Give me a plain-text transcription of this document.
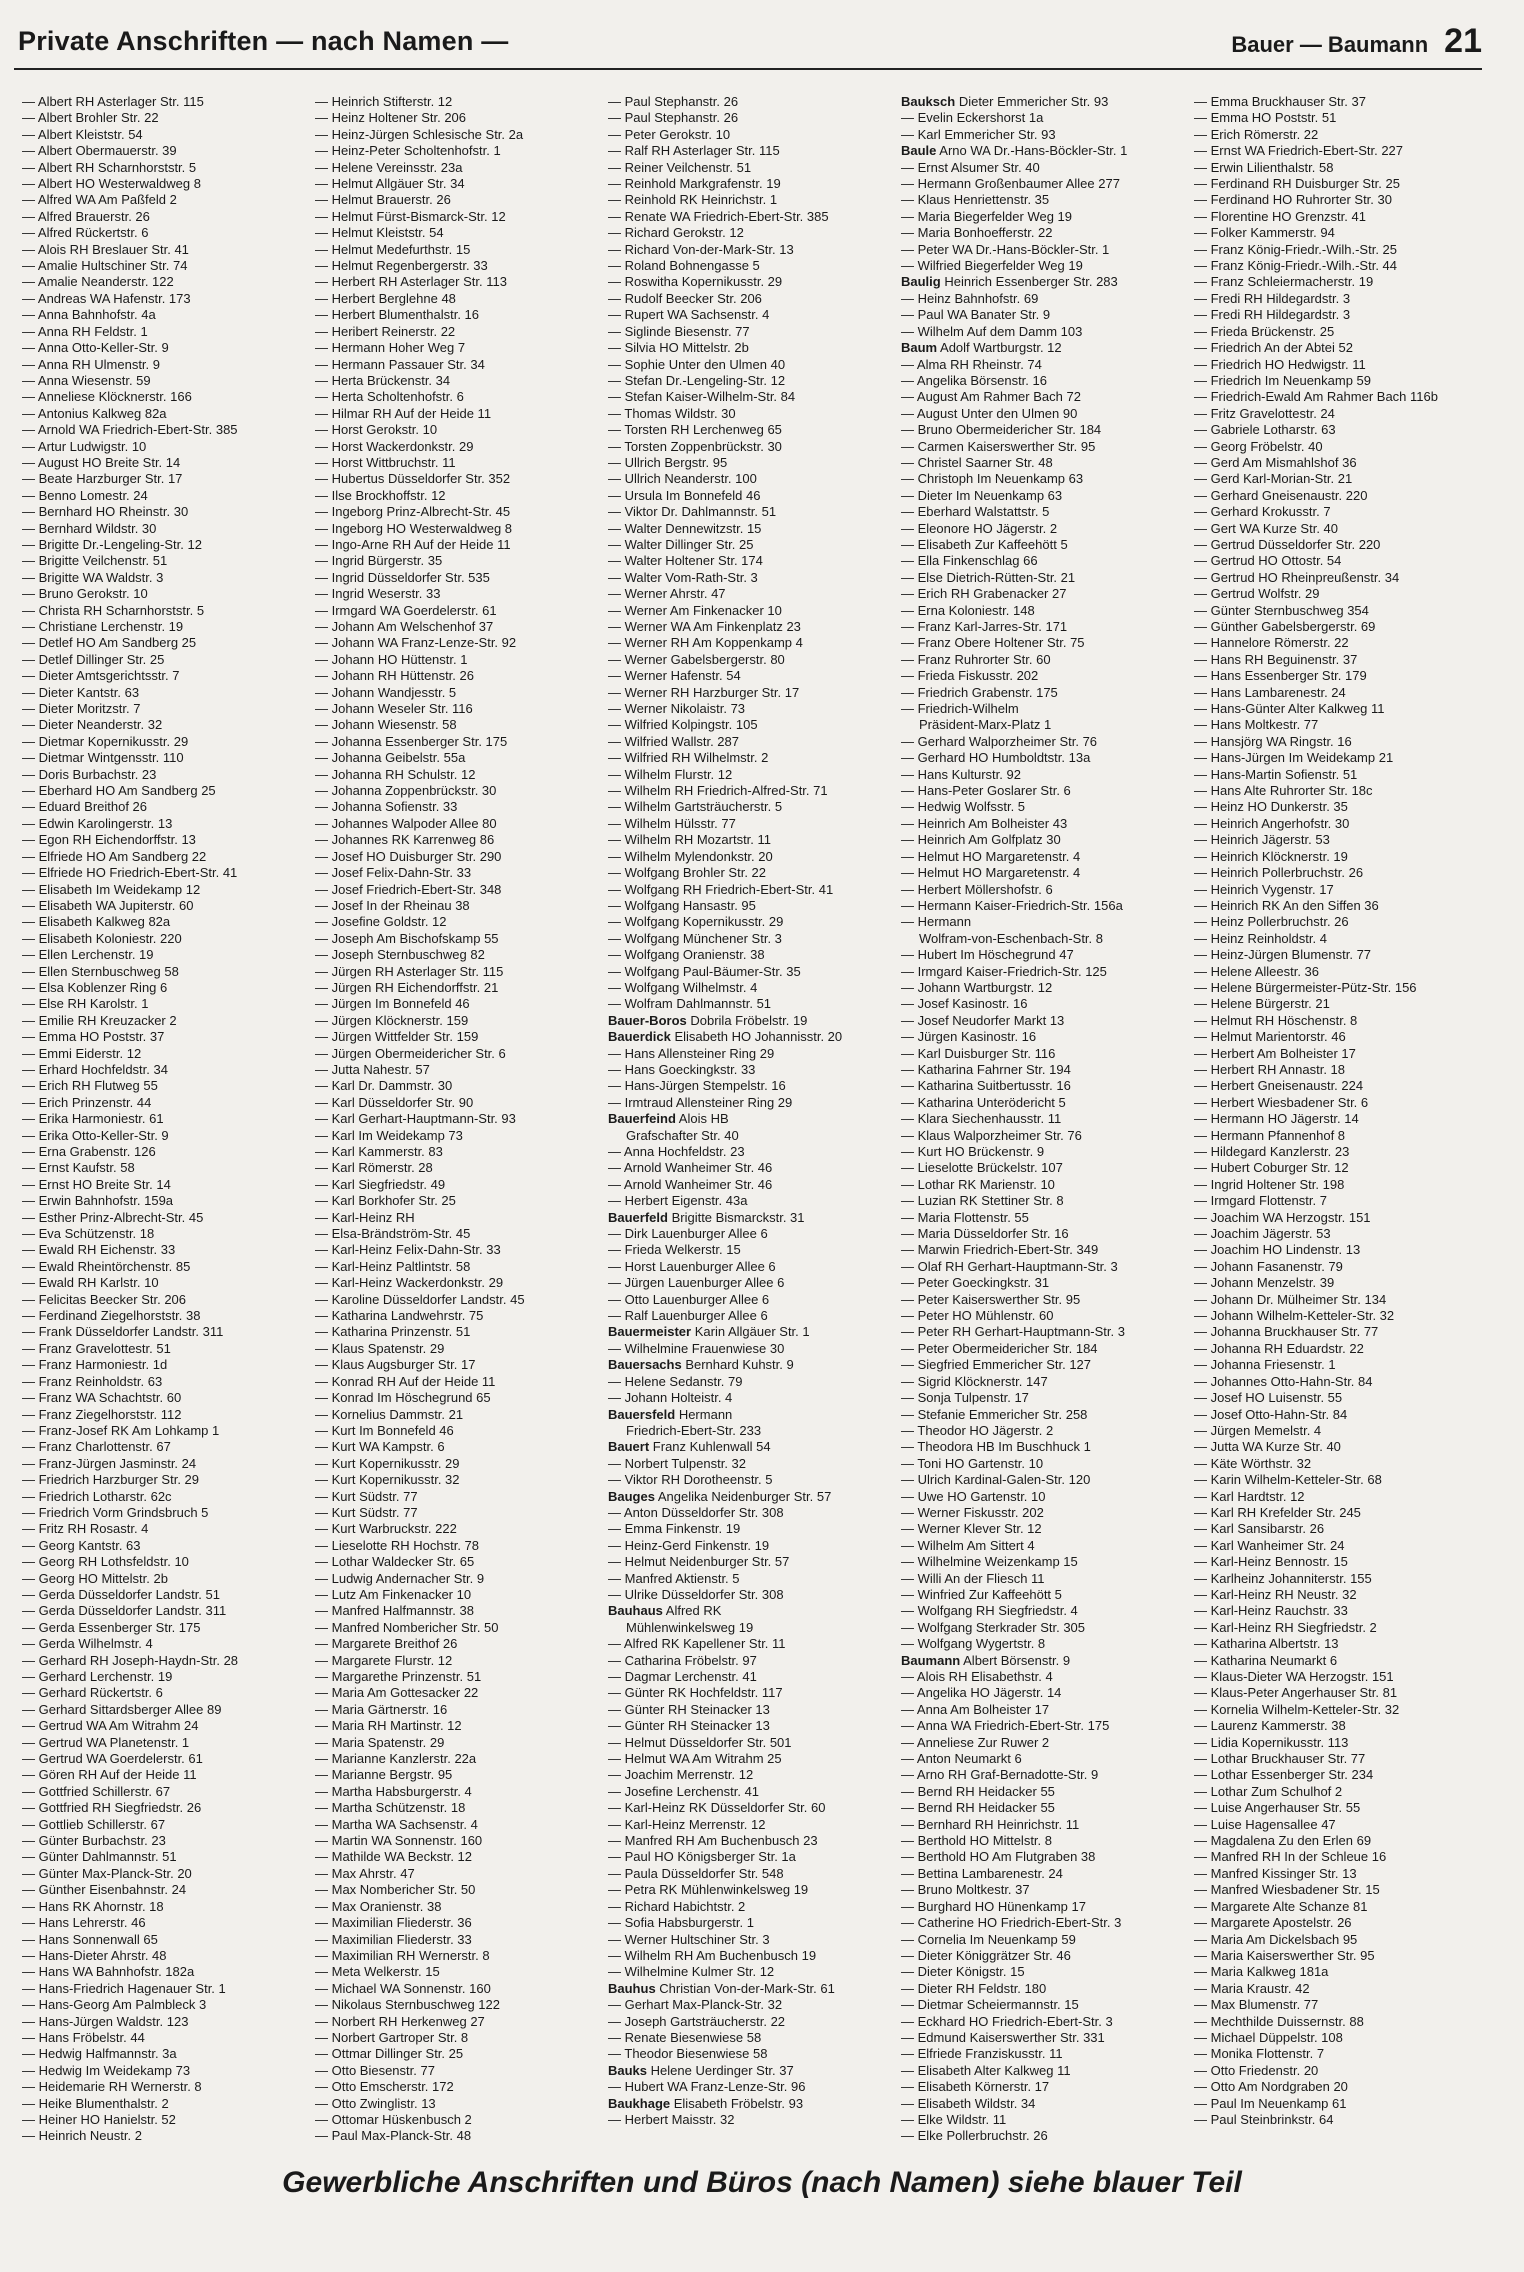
Private Anschriften — nach Namen —	Bauer — Baumann 21
— Albert RH Asterlager Str. 115
— Albert Brohler Str. 22
— Albert Kleiststr. 54
— Albert Obermauerstr. 39
— Albert RH Scharnhorststr. 5
— Albert HO Westerwaldweg 8
— Alfred WA Am Paßfeld 2
— Alfred Brauerstr. 26
— Alfred Rückertstr. 6
— Alois RH Breslauer Str. 41
— Amalie Hultschiner Str. 74
— Amalie Neanderstr. 122
— Andreas WA Hafenstr. 173
— Anna Bahnhofstr. 4a
— Anna RH Feldstr. 1
— Anna Otto-Keller-Str. 9
— Anna RH Ulmenstr. 9
— Anna Wiesenstr. 59
— Anneliese Klöcknerstr. 166
— Antonius Kalkweg 82a
— Arnold WA Friedrich-Ebert-Str. 385
— Artur Ludwigstr. 10
— August HO Breite Str. 14
— Beate Harzburger Str. 17
— Benno Lomestr. 24
— Bernhard HO Rheinstr. 30
— Bernhard Wildstr. 30
— Brigitte Dr.-Lengeling-Str. 12
— Brigitte Veilchenstr. 51
— Brigitte WA Waldstr. 3
— Bruno Gerokstr. 10
— Christa RH Scharnhorststr. 5
— Christiane Lerchenstr. 19
— Detlef HO Am Sandberg 25
— Detlef Dillinger Str. 25
— Dieter Amtsgerichtsstr. 7
— Dieter Kantstr. 63
— Dieter Moritzstr. 7
— Dieter Neanderstr. 32
— Dietmar Kopernikusstr. 29
— Dietmar Wintgensstr. 110
— Doris Burbachstr. 23
— Eberhard HO Am Sandberg 25
— Eduard Breithof 26
— Edwin Karolingerstr. 13
— Egon RH Eichendorffstr. 13
— Elfriede HO Am Sandberg 22
— Elfriede HO Friedrich-Ebert-Str. 41
— Elisabeth Im Weidekamp 12
— Elisabeth WA Jupiterstr. 60
— Elisabeth Kalkweg 82a
— Elisabeth Koloniestr. 220
— Ellen Lerchenstr. 19
— Ellen Sternbuschweg 58
— Elsa Koblenzer Ring 6
— Else RH Karolstr. 1
— Emilie RH Kreuzacker 2
— Emma HO Poststr. 37
— Emmi Eiderstr. 12
— Erhard Hochfeldstr. 34
— Erich RH Flutweg 55
— Erich Prinzenstr. 44
— Erika Harmoniestr. 61
— Erika Otto-Keller-Str. 9
— Erna Grabenstr. 126
— Ernst Kaufstr. 58
— Ernst HO Breite Str. 14
— Erwin Bahnhofstr. 159a
— Esther Prinz-Albrecht-Str. 45
— Eva Schützenstr. 18
— Ewald RH Eichenstr. 33
— Ewald Rheintörchenstr. 85
— Ewald RH Karlstr. 10
— Felicitas Beecker Str. 206
— Ferdinand Ziegelhorststr. 38
— Frank Düsseldorfer Landstr. 311
— Franz Gravelottestr. 51
— Franz Harmoniestr. 1d
— Franz Reinholdstr. 63
— Franz WA Schachtstr. 60
— Franz Ziegelhorststr. 112
— Franz-Josef RK Am Lohkamp 1
— Franz Charlottenstr. 67
— Franz-Jürgen Jasminstr. 24
— Friedrich Harzburger Str. 29
— Friedrich Lotharstr. 62c
— Friedrich Vorm Grindsbruch 5
— Fritz RH Rosastr. 4
— Georg Kantstr. 63
— Georg RH Lothsfeldstr. 10
— Georg HO Mittelstr. 2b
— Gerda Düsseldorfer Landstr. 51
— Gerda Düsseldorfer Landstr. 311
— Gerda Essenberger Str. 175
— Gerda Wilhelmstr. 4
— Gerhard RH Joseph-Haydn-Str. 28
— Gerhard Lerchenstr. 19
— Gerhard Rückertstr. 6
— Gerhard Sittardsberger Allee 89
— Gertrud WA Am Witrahm 24
— Gertrud WA Planetenstr. 1
— Gertrud WA Goerdelerstr. 61
— Gören RH Auf der Heide 11
— Gottfried Schillerstr. 67
— Gottfried RH Siegfriedstr. 26
— Gottlieb Schillerstr. 67
— Günter Burbachstr. 23
— Günter Dahlmannstr. 51
— Günter Max-Planck-Str. 20
— Günther Eisenbahnstr. 24
— Hans RK Ahornstr. 18
— Hans Lehrerstr. 46
— Hans Sonnenwall 65
— Hans-Dieter Ahrstr. 48
— Hans WA Bahnhofstr. 182a
— Hans-Friedrich Hagenauer Str. 1
— Hans-Georg Am Palmbleck 3
— Hans-Jürgen Waldstr. 123
— Hans Fröbelstr. 44
— Hedwig Halfmannstr. 3a
— Hedwig Im Weidekamp 73
— Heidemarie RH Wernerstr. 8
— Heike Blumenthalstr. 2
— Heiner HO Hanielstr. 52
— Heinrich Neustr. 2
— Heinrich Stifterstr. 12
— Heinz Holtener Str. 206
— Heinz-Jürgen Schlesische Str. 2a
— Heinz-Peter Scholtenhofstr. 1
— Helene Vereinsstr. 23a
— Helmut Allgäuer Str. 34
— Helmut Brauerstr. 26
— Helmut Fürst-Bismarck-Str. 12
— Helmut Kleiststr. 54
— Helmut Medefurthstr. 15
— Helmut Regenbergerstr. 33
— Herbert RH Asterlager Str. 113
— Herbert Berglehne 48
— Herbert Blumenthalstr. 16
— Heribert Reinerstr. 22
— Hermann Hoher Weg 7
— Hermann Passauer Str. 34
— Herta Brückenstr. 34
— Herta Scholtenhofstr. 6
— Hilmar RH Auf der Heide 11
— Horst Gerokstr. 10
— Horst Wackerdonkstr. 29
— Horst Wittbruchstr. 11
— Hubertus Düsseldorfer Str. 352
— Ilse Brockhoffstr. 12
— Ingeborg Prinz-Albrecht-Str. 45
— Ingeborg HO Westerwaldweg 8
— Ingo-Arne RH Auf der Heide 11
— Ingrid Bürgerstr. 35
— Ingrid Düsseldorfer Str. 535
— Ingrid Weserstr. 33
— Irmgard WA Goerdelerstr. 61
— Johann Am Welschenhof 37
— Johann WA Franz-Lenze-Str. 92
— Johann HO Hüttenstr. 1
— Johann RH Hüttenstr. 26
— Johann Wandjesstr. 5
— Johann Weseler Str. 116
— Johann Wiesenstr. 58
— Johanna Essenberger Str. 175
— Johanna Geibelstr. 55a
— Johanna RH Schulstr. 12
— Johanna Zoppenbrückstr. 30
— Johanna Sofienstr. 33
— Johannes Walpoder Allee 80
— Johannes RK Karrenweg 86
— Josef HO Duisburger Str. 290
— Josef Felix-Dahn-Str. 33
— Josef Friedrich-Ebert-Str. 348
— Josef In der Rheinau 38
— Josefine Goldstr. 12
— Joseph Am Bischofskamp 55
— Joseph Sternbuschweg 82
— Jürgen RH Asterlager Str. 115
— Jürgen RH Eichendorffstr. 21
— Jürgen Im Bonnefeld 46
— Jürgen Klöcknerstr. 159
— Jürgen Wittfelder Str. 159
— Jürgen Obermeidericher Str. 6
— Jutta Nahestr. 57
— Karl Dr. Dammstr. 30
— Karl Düsseldorfer Str. 90
— Karl Gerhart-Hauptmann-Str. 93
— Karl Im Weidekamp 73
— Karl Kammerstr. 83
— Karl Römerstr. 28
— Karl Siegfriedstr. 49
— Karl Borkhofer Str. 25
— Karl-Heinz RH
— Elsa-Brändström-Str. 45
— Karl-Heinz Felix-Dahn-Str. 33
— Karl-Heinz Paltlintstr. 58
— Karl-Heinz Wackerdonkstr. 29
— Karoline Düsseldorfer Landstr. 45
— Katharina Landwehrstr. 75
— Katharina Prinzenstr. 51
— Klaus Spatenstr. 29
— Klaus Augsburger Str. 17
— Konrad RH Auf der Heide 11
— Konrad Im Höschegrund 65
— Kornelius Dammstr. 21
— Kurt Im Bonnefeld 46
— Kurt WA Kampstr. 6
— Kurt Kopernikusstr. 29
— Kurt Kopernikusstr. 32
— Kurt Südstr. 77
— Kurt Südstr. 77
— Kurt Warbruckstr. 222
— Lieselotte RH Hochstr. 78
— Lothar Waldecker Str. 65
— Ludwig Andernacher Str. 9
— Lutz Am Finkenacker 10
— Manfred Halfmannstr. 38
— Manfred Nombericher Str. 50
— Margarete Breithof 26
— Margarete Flurstr. 12
— Margarethe Prinzenstr. 51
— Maria Am Gottesacker 22
— Maria Gärtnerstr. 16
— Maria RH Martinstr. 12
— Maria Spatenstr. 29
— Marianne Kanzlerstr. 22a
— Marianne Bergstr. 95
— Martha Habsburgerstr. 4
— Martha Schützenstr. 18
— Martha WA Sachsenstr. 4
— Martin WA Sonnenstr. 160
— Mathilde WA Beckstr. 12
— Max Ahrstr. 47
— Max Nombericher Str. 50
— Max Oranienstr. 38
— Maximilian Fliederstr. 36
— Maximilian Fliederstr. 33
— Maximilian RH Wernerstr. 8
— Meta Welkerstr. 15
— Michael WA Sonnenstr. 160
— Nikolaus Sternbuschweg 122
— Norbert RH Herkenweg 27
— Norbert Gartroper Str. 8
— Ottmar Dillinger Str. 25
— Otto Biesenstr. 77
— Otto Emscherstr. 172
— Otto Zwinglistr. 13
— Ottomar Hüskenbusch 2
— Paul Max-Planck-Str. 48
— Paul Stephanstr. 26
— Paul Stephanstr. 26
— Peter Gerokstr. 10
— Ralf RH Asterlager Str. 115
— Reiner Veilchenstr. 51
— Reinhold Markgrafenstr. 19
— Reinhold RK Heinrichstr. 1
— Renate WA Friedrich-Ebert-Str. 385
— Richard Gerokstr. 12
— Richard Von-der-Mark-Str. 13
— Roland Bohnengasse 5
— Roswitha Kopernikusstr. 29
— Rudolf Beecker Str. 206
— Rupert WA Sachsenstr. 4
— Siglinde Biesenstr. 77
— Silvia HO Mittelstr. 2b
— Sophie Unter den Ulmen 40
— Stefan Dr.-Lengeling-Str. 12
— Stefan Kaiser-Wilhelm-Str. 84
— Thomas Wildstr. 30
— Torsten RH Lerchenweg 65
— Torsten Zoppenbrückstr. 30
— Ullrich Bergstr. 95
— Ullrich Neanderstr. 100
— Ursula Im Bonnefeld 46
— Viktor Dr. Dahlmannstr. 51
— Walter Dennewitzstr. 15
— Walter Dillinger Str. 25
— Walter Holtener Str. 174
— Walter Vom-Rath-Str. 3
— Werner Ahrstr. 47
— Werner Am Finkenacker 10
— Werner WA Am Finkenplatz 23
— Werner RH Am Koppenkamp 4
— Werner Gabelsbergerstr. 80
— Werner Hafenstr. 54
— Werner RH Harzburger Str. 17
— Werner Nikolaistr. 73
— Wilfried Kolpingstr. 105
— Wilfried Wallstr. 287
— Wilfried RH Wilhelmstr. 2
— Wilhelm Flurstr. 12
— Wilhelm RH Friedrich-Alfred-Str. 71
— Wilhelm Gartsträucherstr. 5
— Wilhelm Hülsstr. 77
— Wilhelm RH Mozartstr. 11
— Wilhelm Mylendonkstr. 20
— Wolfgang Brohler Str. 22
— Wolfgang RH Friedrich-Ebert-Str. 41
— Wolfgang Hansastr. 95
— Wolfgang Kopernikusstr. 29
— Wolfgang Münchener Str. 3
— Wolfgang Oranienstr. 38
— Wolfgang Paul-Bäumer-Str. 35
— Wolfgang Wilhelmstr. 4
— Wolfram Dahlmannstr. 51
Bauer-Boros Dobrila Fröbelstr. 19
Bauerdick Elisabeth HO Johannisstr. 20
— Hans Allensteiner Ring 29
— Hans Goeckingkstr. 33
— Hans-Jürgen Stempelstr. 16
— Irmtraud Allensteiner Ring 29
Bauerfeind Alois HB
Grafschafter Str. 40
— Anna Hochfeldstr. 23
— Arnold Wanheimer Str. 46
— Arnold Wanheimer Str. 46
— Herbert Eigenstr. 43a
Bauerfeld Brigitte Bismarckstr. 31
— Dirk Lauenburger Allee 6
— Frieda Welkerstr. 15
— Horst Lauenburger Allee 6
— Jürgen Lauenburger Allee 6
— Otto Lauenburger Allee 6
— Ralf Lauenburger Allee 6
Bauermeister Karin Allgäuer Str. 1
— Wilhelmine Frauenwiese 30
Bauersachs Bernhard Kuhstr. 9
— Helene Sedanstr. 79
— Johann Holteistr. 4
Bauersfeld Hermann
Friedrich-Ebert-Str. 233
Bauert Franz Kuhlenwall 54
— Norbert Tulpenstr. 32
— Viktor RH Dorotheenstr. 5
Bauges Angelika Neidenburger Str. 57
— Anton Düsseldorfer Str. 308
— Emma Finkenstr. 19
— Heinz-Gerd Finkenstr. 19
— Helmut Neidenburger Str. 57
— Manfred Aktienstr. 5
— Ulrike Düsseldorfer Str. 308
Bauhaus Alfred RK
Mühlenwinkelsweg 19
— Alfred RK Kapellener Str. 11
— Catharina Fröbelstr. 97
— Dagmar Lerchenstr. 41
— Günter RK Hochfeldstr. 117
— Günter RH Steinacker 13
— Günter RH Steinacker 13
— Helmut Düsseldorfer Str. 501
— Helmut WA Am Witrahm 25
— Joachim Merrenstr. 12
— Josefine Lerchenstr. 41
— Karl-Heinz RK Düsseldorfer Str. 60
— Karl-Heinz Merrenstr. 12
— Manfred RH Am Buchenbusch 23
— Paul HO Königsberger Str. 1a
— Paula Düsseldorfer Str. 548
— Petra RK Mühlenwinkelsweg 19
— Richard Habichtstr. 2
— Sofia Habsburgerstr. 1
— Werner Hultschiner Str. 3
— Wilhelm RH Am Buchenbusch 19
— Wilhelmine Kulmer Str. 12
Bauhus Christian Von-der-Mark-Str. 61
— Gerhart Max-Planck-Str. 32
— Joseph Gartsträucherstr. 22
— Renate Biesenwiese 58
— Theodor Biesenwiese 58
Bauks Helene Uerdinger Str. 37
— Hubert WA Franz-Lenze-Str. 96
Baukhage Elisabeth Fröbelstr. 93
— Herbert Maisstr. 32
Bauksch Dieter Emmericher Str. 93
— Evelin Eckershorst 1a
— Karl Emmericher Str. 93
Baule Arno WA Dr.-Hans-Böckler-Str. 1
— Ernst Alsumer Str. 40
— Hermann Großenbaumer Allee 277
— Klaus Henriettenstr. 35
— Maria Biegerfelder Weg 19
— Maria Bonhoefferstr. 22
— Peter WA Dr.-Hans-Böckler-Str. 1
— Wilfried Biegerfelder Weg 19
Baulig Heinrich Essenberger Str. 283
— Heinz Bahnhofstr. 69
— Paul WA Banater Str. 9
— Wilhelm Auf dem Damm 103
Baum Adolf Wartburgstr. 12
— Alma RH Rheinstr. 74
— Angelika Börsenstr. 16
— August Am Rahmer Bach 72
— August Unter den Ulmen 90
— Bruno Obermeidericher Str. 184
— Carmen Kaiserswerther Str. 95
— Christel Saarner Str. 48
— Christoph Im Neuenkamp 63
— Dieter Im Neuenkamp 63
— Eberhard Walstattstr. 5
— Eleonore HO Jägerstr. 2
— Elisabeth Zur Kaffeehött 5
— Ella Finkenschlag 66
— Else Dietrich-Rütten-Str. 21
— Erich RH Grabenacker 27
— Erna Koloniestr. 148
— Franz Karl-Jarres-Str. 171
— Franz Obere Holtener Str. 75
— Franz Ruhrorter Str. 60
— Frieda Fiskusstr. 202
— Friedrich Grabenstr. 175
— Friedrich-Wilhelm
Präsident-Marx-Platz 1
— Gerhard Walporzheimer Str. 76
— Gerhard HO Humboldtstr. 13a
— Hans Kulturstr. 92
— Hans-Peter Goslarer Str. 6
— Hedwig Wolfsstr. 5
— Heinrich Am Bolheister 43
— Heinrich Am Golfplatz 30
— Helmut HO Margaretenstr. 4
— Helmut HO Margaretenstr. 4
— Herbert Möllershofstr. 6
— Hermann Kaiser-Friedrich-Str. 156a
— Hermann
Wolfram-von-Eschenbach-Str. 8
— Hubert Im Höschegrund 47
— Irmgard Kaiser-Friedrich-Str. 125
— Johann Wartburgstr. 12
— Josef Kasinostr. 16
— Josef Neudorfer Markt 13
— Jürgen Kasinostr. 16
— Karl Duisburger Str. 116
— Katharina Fahrner Str. 194
— Katharina Suitbertusstr. 16
— Katharina Unterödericht 5
— Klara Siechenhausstr. 11
— Klaus Walporzheimer Str. 76
— Kurt HO Brückenstr. 9
— Lieselotte Brückelstr. 107
— Lothar RK Marienstr. 10
— Luzian RK Stettiner Str. 8
— Maria Flottenstr. 55
— Maria Düsseldorfer Str. 16
— Marwin Friedrich-Ebert-Str. 349
— Olaf RH Gerhart-Hauptmann-Str. 3
— Peter Goeckingkstr. 31
— Peter Kaiserswerther Str. 95
— Peter HO Mühlenstr. 60
— Peter RH Gerhart-Hauptmann-Str. 3
— Peter Obermeidericher Str. 184
— Siegfried Emmericher Str. 127
— Sigrid Klöcknerstr. 147
— Sonja Tulpenstr. 17
— Stefanie Emmericher Str. 258
— Theodor HO Jägerstr. 2
— Theodora HB Im Buschhuck 1
— Toni HO Gartenstr. 10
— Ulrich Kardinal-Galen-Str. 120
— Uwe HO Gartenstr. 10
— Werner Fiskusstr. 202
— Werner Klever Str. 12
— Wilhelm Am Sittert 4
— Wilhelmine Weizenkamp 15
— Willi An der Fliesch 11
— Winfried Zur Kaffeehött 5
— Wolfgang RH Siegfriedstr. 4
— Wolfgang Sterkrader Str. 305
— Wolfgang Wygertstr. 8
Baumann Albert Börsenstr. 9
— Alois RH Elisabethstr. 4
— Angelika HO Jägerstr. 14
— Anna Am Bolheister 17
— Anna WA Friedrich-Ebert-Str. 175
— Anneliese Zur Ruwer 2
— Anton Neumarkt 6
— Arno RH Graf-Bernadotte-Str. 9
— Bernd RH Heidacker 55
— Bernd RH Heidacker 55
— Bernhard RH Heinrichstr. 11
— Berthold HO Mittelstr. 8
— Berthold HO Am Flutgraben 38
— Bettina Lambarenestr. 24
— Bruno Moltkestr. 37
— Burghard HO Hünenkamp 17
— Catherine HO Friedrich-Ebert-Str. 3
— Cornelia Im Neuenkamp 59
— Dieter Königgrätzer Str. 46
— Dieter Königstr. 15
— Dieter RH Feldstr. 180
— Dietmar Scheiermannstr. 15
— Eckhard HO Friedrich-Ebert-Str. 3
— Edmund Kaiserswerther Str. 331
— Elfriede Franziskusstr. 11
— Elisabeth Alter Kalkweg 11
— Elisabeth Körnerstr. 17
— Elisabeth Wildstr. 34
— Elke Wildstr. 11
— Elke Pollerbruchstr. 26
— Emma Bruckhauser Str. 37
— Emma HO Poststr. 51
— Erich Römerstr. 22
— Ernst WA Friedrich-Ebert-Str. 227
— Erwin Lilienthalstr. 58
— Ferdinand RH Duisburger Str. 25
— Ferdinand HO Ruhrorter Str. 30
— Florentine HO Grenzstr. 41
— Folker Kammerstr. 94
— Franz König-Friedr.-Wilh.-Str. 25
— Franz König-Friedr.-Wilh.-Str. 44
— Franz Schleiermacherstr. 19
— Fredi RH Hildegardstr. 3
— Fredi RH Hildegardstr. 3
— Frieda Brückenstr. 25
— Friedrich An der Abtei 52
— Friedrich HO Hedwigstr. 11
— Friedrich Im Neuenkamp 59
— Friedrich-Ewald Am Rahmer Bach 116b
— Fritz Gravelottestr. 24
— Gabriele Lotharstr. 63
— Georg Fröbelstr. 40
— Gerd Am Mismahlshof 36
— Gerd Karl-Morian-Str. 21
— Gerhard Gneisenaustr. 220
— Gerhard Krokusstr. 7
— Gert WA Kurze Str. 40
— Gertrud Düsseldorfer Str. 220
— Gertrud HO Ottostr. 54
— Gertrud HO Rheinpreußenstr. 34
— Gertrud Wolfstr. 29
— Günter Sternbuschweg 354
— Günther Gabelsbergerstr. 69
— Hannelore Römerstr. 22
— Hans RH Beguinenstr. 37
— Hans Essenberger Str. 179
— Hans Lambarenestr. 24
— Hans-Günter Alter Kalkweg 11
— Hans Moltkestr. 77
— Hansjörg WA Ringstr. 16
— Hans-Jürgen Im Weidekamp 21
— Hans-Martin Sofienstr. 51
— Hans Alte Ruhrorter Str. 18c
— Heinz HO Dunkerstr. 35
— Heinrich Angerhofstr. 30
— Heinrich Jägerstr. 53
— Heinrich Klöcknerstr. 19
— Heinrich Pollerbruchstr. 26
— Heinrich Vygenstr. 17
— Heinrich RK An den Siffen 36
— Heinz Pollerbruchstr. 26
— Heinz Reinholdstr. 4
— Heinz-Jürgen Blumenstr. 77
— Helene Alleestr. 36
— Helene Bürgermeister-Pütz-Str. 156
— Helene Bürgerstr. 21
— Helmut RH Höschenstr. 8
— Helmut Marientorstr. 46
— Herbert Am Bolheister 17
— Herbert RH Annastr. 18
— Herbert Gneisenaustr. 224
— Herbert Wiesbadener Str. 6
— Hermann HO Jägerstr. 14
— Hermann Pfannenhof 8
— Hildegard Kanzlerstr. 23
— Hubert Coburger Str. 12
— Ingrid Holtener Str. 198
— Irmgard Flottenstr. 7
— Joachim WA Herzogstr. 151
— Joachim Jägerstr. 53
— Joachim HO Lindenstr. 13
— Johann Fasanenstr. 79
— Johann Menzelstr. 39
— Johann Dr. Mülheimer Str. 134
— Johann Wilhelm-Ketteler-Str. 32
— Johanna Bruckhauser Str. 77
— Johanna RH Eduardstr. 22
— Johanna Friesenstr. 1
— Johannes Otto-Hahn-Str. 84
— Josef HO Luisenstr. 55
— Josef Otto-Hahn-Str. 84
— Jürgen Memelstr. 4
— Jutta WA Kurze Str. 40
— Käte Wörthstr. 32
— Karin Wilhelm-Ketteler-Str. 68
— Karl Hardtstr. 12
— Karl RH Krefelder Str. 245
— Karl Sansibarstr. 26
— Karl Wanheimer Str. 24
— Karl-Heinz Bennostr. 15
— Karlheinz Johanniterstr. 155
— Karl-Heinz RH Neustr. 32
— Karl-Heinz Rauchstr. 33
— Karl-Heinz RH Siegfriedstr. 2
— Katharina Albertstr. 13
— Katharina Neumarkt 6
— Klaus-Dieter WA Herzogstr. 151
— Klaus-Peter Angerhauser Str. 81
— Kornelia Wilhelm-Ketteler-Str. 32
— Laurenz Kammerstr. 38
— Lidia Kopernikusstr. 113
— Lothar Bruckhauser Str. 77
— Lothar Essenberger Str. 234
— Lothar Zum Schulhof 2
— Luise Angerhauser Str. 55
— Luise Hagensallee 47
— Magdalena Zu den Erlen 69
— Manfred RH In der Schleue 16
— Manfred Kissinger Str. 13
— Manfred Wiesbadener Str. 15
— Margarete Alte Schanze 81
— Margarete Apostelstr. 26
— Maria Am Dickelsbach 95
— Maria Kaiserswerther Str. 95
— Maria Kalkweg 181a
— Maria Kraustr. 42
— Max Blumenstr. 77
— Mechthilde Duissernstr. 88
— Michael Düppelstr. 108
— Monika Flottenstr. 7
— Otto Friedenstr. 20
— Otto Am Nordgraben 20
— Paul Im Neuenkamp 61
— Paul Steinbrinkstr. 64
Gewerbliche Anschriften und Büros (nach Namen) siehe blauer Teil
